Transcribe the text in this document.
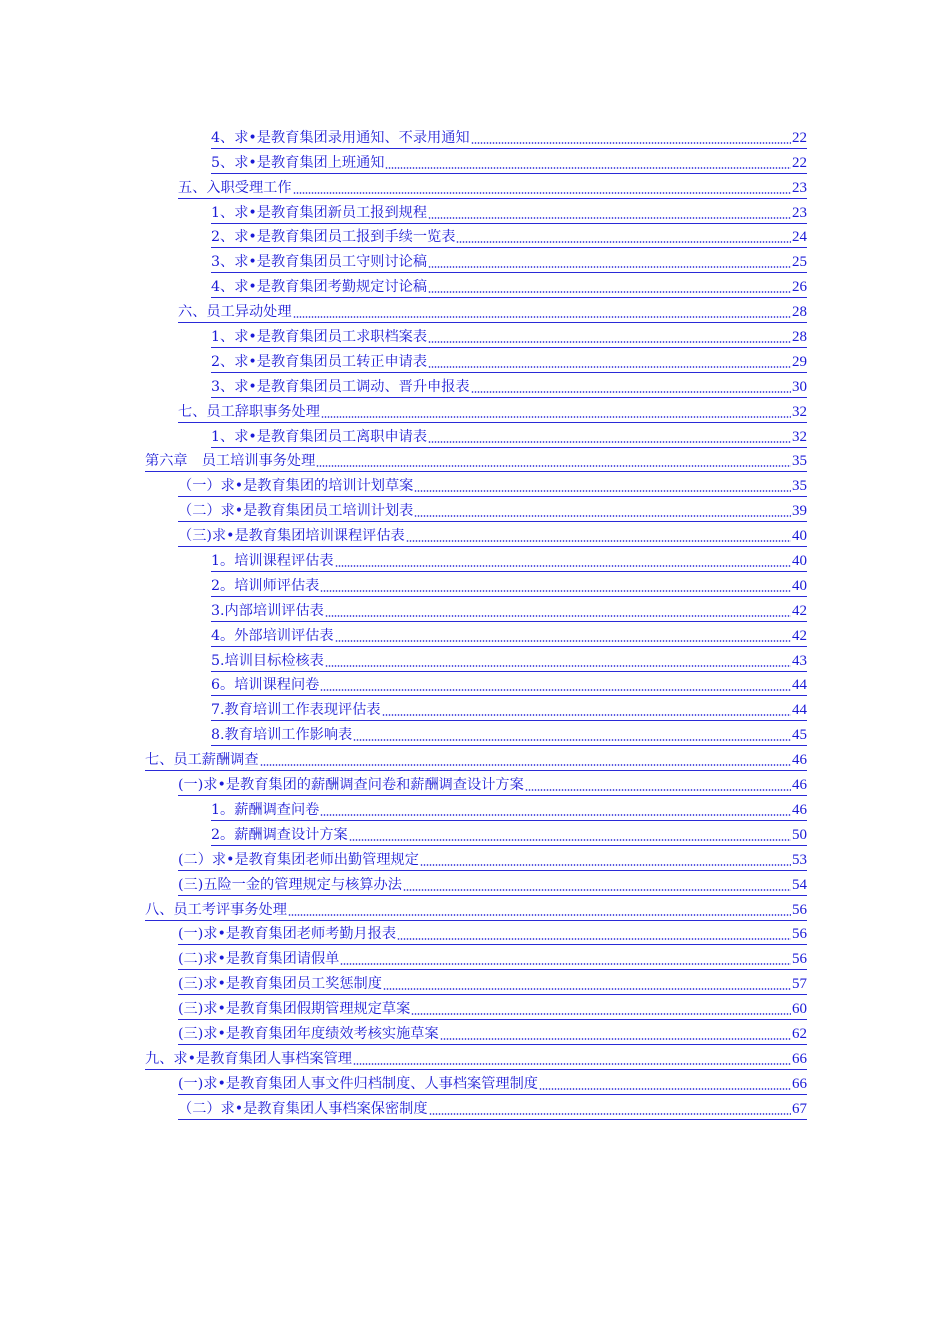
4、求•是教育集团录用通知、不录用通知	22
5、求•是教育集团上班通知	22
五、入职受理工作	23
1、求•是教育集团新员工报到规程	23
2、求•是教育集团员工报到手续一览表	24
3、求•是教育集团员工守则讨论稿	25
4、求•是教育集团考勤规定讨论稿	26
六、员工异动处理	28
1、求•是教育集团员工求职档案表	28
2、求•是教育集团员工转正申请表	29
3、求•是教育集团员工调动、晋升申报表	30
七、员工辞职事务处理	32
1、求•是教育集团员工离职申请表	32
第六章　员工培训事务处理	35
（一）求•是教育集团的培训计划草案	35
（二）求•是教育集团员工培训计划表	39
（三)求•是教育集团培训课程评估表	40
1。培训课程评估表	40
2。培训师评估表	40
3.内部培训评估表	42
4。外部培训评估表	42
5.培训目标检核表	43
6。培训课程问卷	44
7.教育培训工作表现评估表	44
8.教育培训工作影响表	45
七、员工薪酬调查	46
(一)求•是教育集团的薪酬调查问卷和薪酬调查设计方案	46
1。薪酬调查问卷	46
2。薪酬调查设计方案	50
(二）求•是教育集团老师出勤管理规定	53
(三)五险一金的管理规定与核算办法	54
八、员工考评事务处理	56
(一)求•是教育集团老师考勤月报表	56
(二)求•是教育集团请假单	56
(三)求•是教育集团员工奖惩制度	57
(三)求•是教育集团假期管理规定草案	60
(三)求•是教育集团年度绩效考核实施草案	62
九、求•是教育集团人事档案管理	66
(一)求•是教育集团人事文件归档制度、人事档案管理制度	66
（二）求•是教育集团人事档案保密制度	67
